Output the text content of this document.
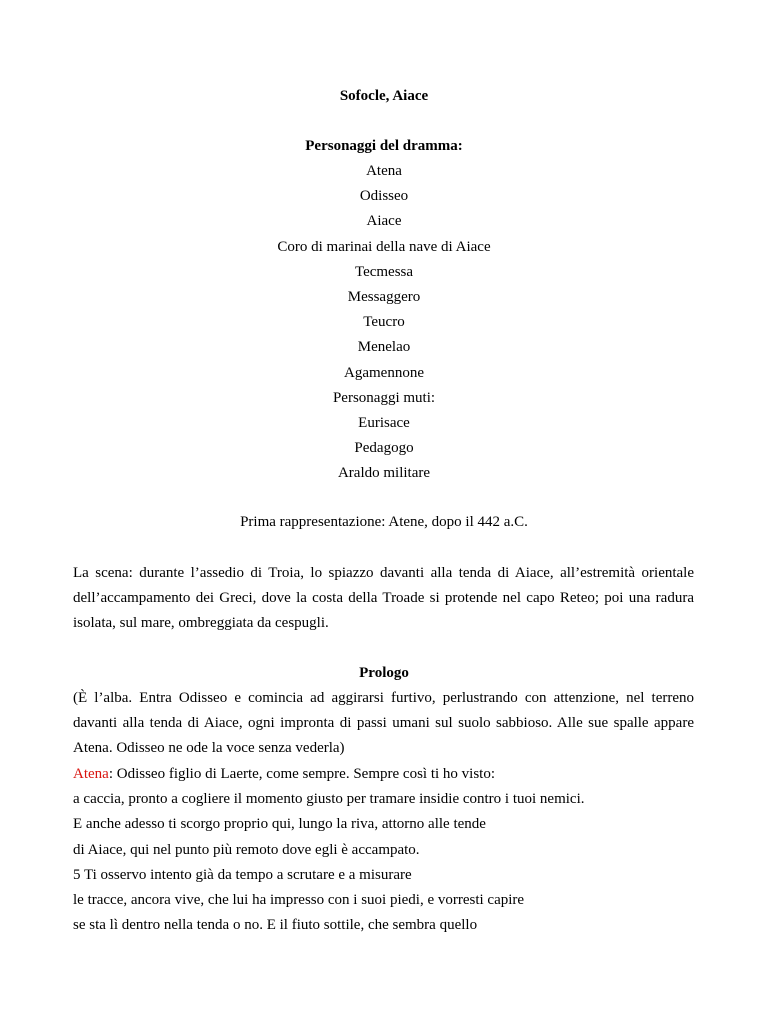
Sofocle, Aiace
Personaggi del dramma:
Atena
Odisseo
Aiace
Coro di marinai della nave di Aiace
Tecmessa
Messaggero
Teucro
Menelao
Agamennone
Personaggi muti:
Eurisace
Pedagogo
Araldo militare
Prima rappresentazione: Atene, dopo il 442 a.C.
La scena: durante l’assedio di Troia, lo spiazzo davanti alla tenda di Aiace, all’estremità orientale dell’accampamento dei Greci, dove la costa della Troade si protende nel capo Reteo; poi una radura isolata, sul mare, ombreggiata da cespugli.
Prologo
(È l’alba. Entra Odisseo e comincia ad aggirarsi furtivo, perlustrando con attenzione, nel terreno davanti alla tenda di Aiace, ogni impronta di passi umani sul suolo sabbioso. Alle sue spalle appare Atena. Odisseo ne ode la voce senza vederla)
Atena: Odisseo figlio di Laerte, come sempre. Sempre così ti ho visto:
a caccia, pronto a cogliere il momento giusto per tramare insidie contro i tuoi nemici.
E anche adesso ti scorgo proprio qui, lungo la riva, attorno alle tende
di Aiace, qui nel punto più remoto dove egli è accampato.
5 Ti osservo intento già da tempo a scrutare e a misurare
le tracce, ancora vive, che lui ha impresso con i suoi piedi, e vorresti capire
se sta lì dentro nella tenda o no. E il fiuto sottile, che sembra quello
